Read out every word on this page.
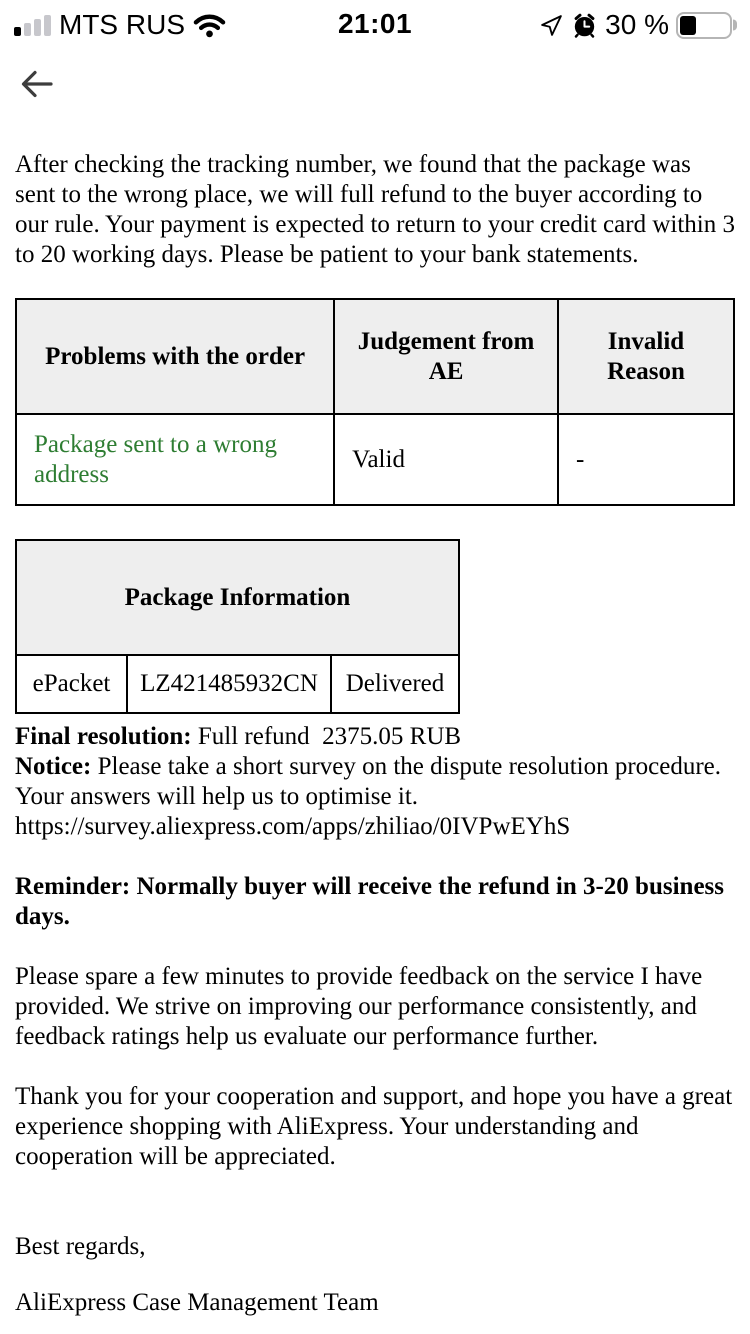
MTS RUS	21:01	30 %
After checking the tracking number, we found that the package was sent to the wrong place, we will full refund to the buyer according to our rule. Your payment is expected to return to your credit card within 3 to 20 working days. Please be patient to your bank statements.
Problems with the order	Judgement from AE	Invalid Reason
Package sent to a wrong address	Valid	-
Package Information
ePacket	LZ421485932CN	Delivered
Final resolution: Full refund  2375.05 RUB
Notice: Please take a short survey on the dispute resolution procedure. Your answers will help us to optimise it.
https://survey.aliexpress.com/apps/zhiliao/0IVPwEYhS
Reminder: Normally buyer will receive the refund in 3-20 business days.
Please spare a few minutes to provide feedback on the service I have provided. We strive on improving our performance consistently, and feedback ratings help us evaluate our performance further.
Thank you for your cooperation and support, and hope you have a great experience shopping with AliExpress. Your understanding and cooperation will be appreciated.
Best regards,
AliExpress Case Management Team
